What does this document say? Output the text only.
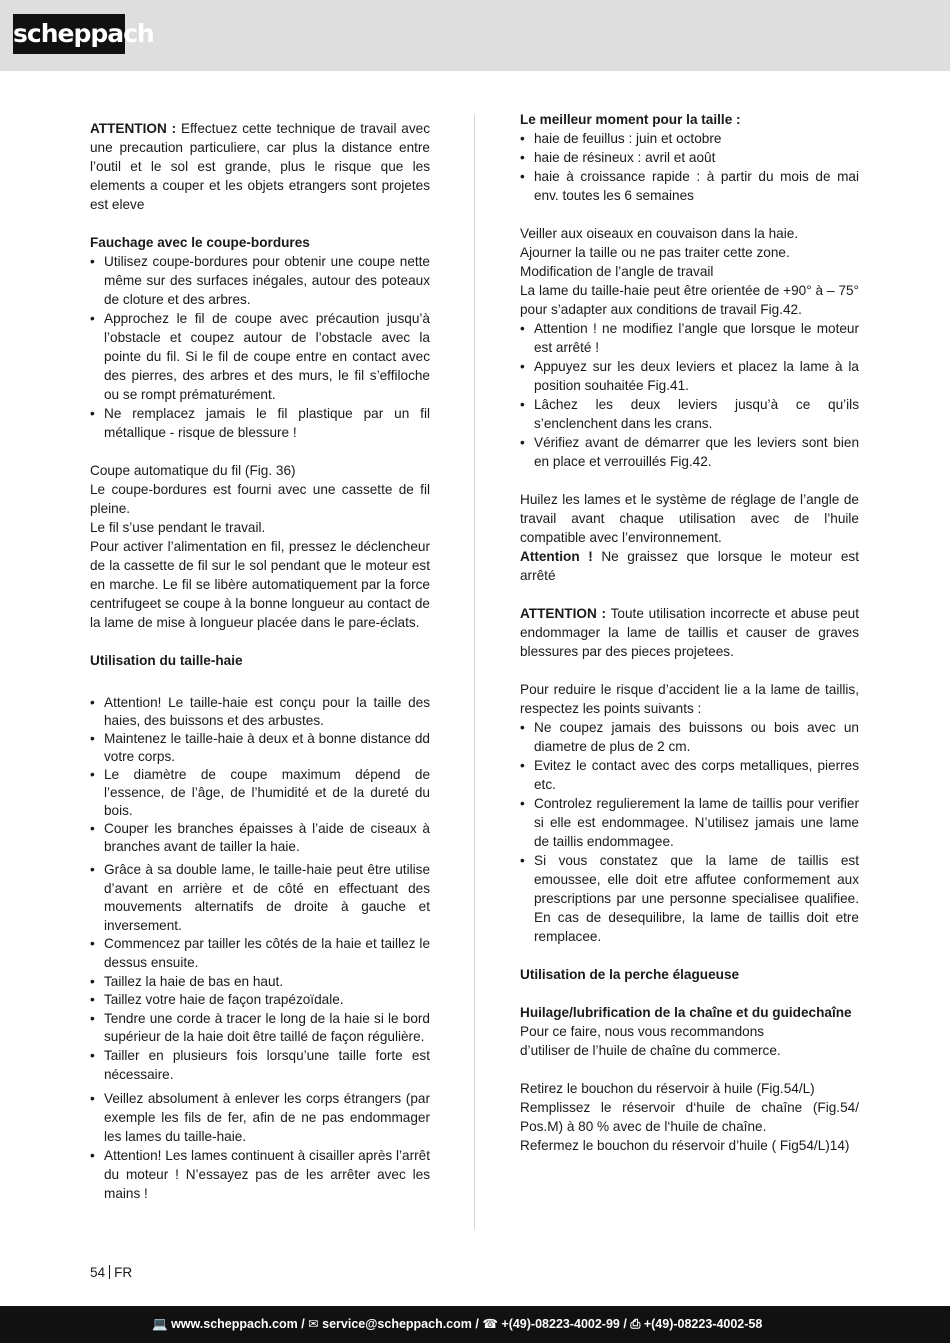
scheppach

ATTENTION : Effectuez cette technique de travail avec une precaution particuliere, car plus la distance entre l’outil et le sol est grande, plus le risque que les elements a couper et les objets etrangers sont projetes est eleve

Fauchage avec le coupe-bordures

• Utilisez coupe-bordures pour obtenir une coupe nette même sur des surfaces inégales, autour des poteaux de cloture et des arbres.
• Approchez le fil de coupe avec précaution jusqu’à l’obstacle et coupez autour de l’obstacle avec la pointe du fil. Si le fil de coupe entre en contact avec des pierres, des arbres et des murs, le fil s’effiloche ou se rompt prématurément.
• Ne remplacez jamais le fil plastique par un fil métallique - risque de blessure !

Coupe automatique du fil (Fig. 36)

Le coupe-bordures est fourni avec une cassette de fil pleine.

Le fil s’use pendant le travail.

Pour activer l’alimentation en fil, pressez le déclencheur de la cassette de fil sur le sol pendant que le moteur est en marche. Le fil se libère automatiquement par la force centrifugeet se coupe à la bonne longueur au contact de la lame de mise à longueur placée dans le pare-éclats.

Utilisation du taille-haie

• Attention! Le taille-haie est conçu pour la taille des haies, des buissons et des arbustes.
• Maintenez le taille-haie à deux et à bonne distance dd votre corps.
• Le diamètre de coupe maximum dépend de l’essence, de l’âge, de l’humidité et de la dureté du bois.
• Couper les branches épaisses à l’aide de ciseaux à branches avant de tailler la haie.
• Grâce à sa double lame, le taille-haie peut être utilise d’avant en arrière et de côté en effectuant des mouvements alternatifs de droite à gauche et inversement.
• Commencez par tailler les côtés de la haie et taillez le dessus ensuite.
• Taillez la haie de bas en haut.
• Taillez votre haie de façon trapézoïdale.
• Tendre une corde à tracer le long de la haie si le bord supérieur de la haie doit être taillé de façon régulière.
• Tailler en plusieurs fois lorsqu’une taille forte est nécessaire.
• Veillez absolument à enlever les corps étrangers (par exemple les fils de fer, afin de ne pas endommager les lames du taille-haie.
• Attention! Les lames continuent à cisailler après l’arrêt du moteur ! N’essayez pas de les arrêter avec les mains !

Le meilleur moment pour la taille :

• haie de feuillus : juin et octobre
• haie de résineux : avril et août
• haie à croissance rapide : à partir du mois de mai env. toutes les 6 semaines

Veiller aux oiseaux en couvaison dans la haie.

Ajourner la taille ou ne pas traiter cette zone.

Modification de l’angle de travail

La lame du taille-haie peut être orientée de +90° à – 75° pour s’adapter aux conditions de travail Fig.42.

• Attention ! ne modifiez l’angle que lorsque le moteur est arrêté !
• Appuyez sur les deux leviers et placez la lame à la position souhaitée Fig.41.
• Lâchez les deux leviers jusqu’à ce qu’ils s’enclenchent dans les crans.
• Vérifiez avant de démarrer que les leviers sont bien en place et verrouillés Fig.42.

Huilez les lames et le système de réglage de l’angle de travail avant chaque utilisation avec de l’huile compatible avec l’environnement.

Attention ! Ne graissez que lorsque le moteur est arrêté

ATTENTION : Toute utilisation incorrecte et abuse peut endommager la lame de taillis et causer de graves blessures par des pieces projetees.

Pour reduire le risque d’accident lie a la lame de taillis, respectez les points suivants :

• Ne coupez jamais des buissons ou bois avec un diametre de plus de 2 cm.
• Evitez le contact avec des corps metalliques, pierres etc.
• Controlez regulierement la lame de taillis pour verifier si elle est endommagee. N’utilisez jamais une lame de taillis endommagee.
• Si vous constatez que la lame de taillis est emoussee, elle doit etre affutee conformement aux prescriptions par une personne specialisee qualifiee. En cas de desequilibre, la lame de taillis doit etre remplacee.

Utilisation de la perche élagueuse

Huilage/lubrification de la chaîne et du guidechaîne

Pour ce faire, nous vous recommandons

d’utiliser de l’huile de chaîne du commerce.

Retirez le bouchon du réservoir à huile (Fig.54/L)

Remplissez le réservoir d‘huile de chaîne (Fig.54/ Pos.M) à 80 % avec de l‘huile de chaîne.

Refermez le bouchon du réservoir d’huile ( Fig54/L)14)

54 FR
💻 www.scheppach.com / ✉ service@scheppach.com / ☎ +(49)-08223-4002-99 / ⎙ +(49)-08223-4002-58
